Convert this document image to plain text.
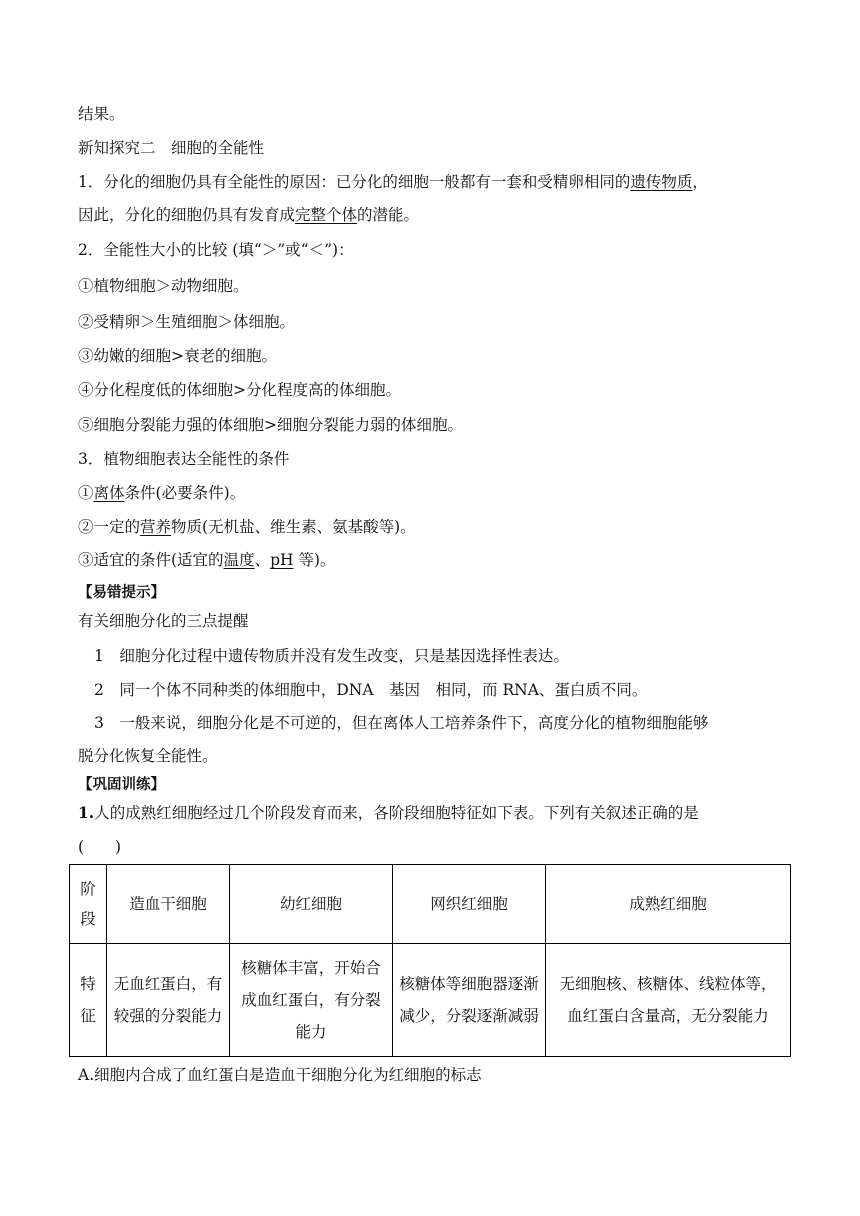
结果。
新知探究二　细胞的全能性
1．分化的细胞仍具有全能性的原因：已分化的细胞一般都有一套和受精卵相同的遗传物质，
因此，分化的细胞仍具有发育成完整个体的潜能。
2．全能性大小的比较 (填“＞”或“＜”)：
①植物细胞＞动物细胞。
②受精卵＞生殖细胞＞体细胞。
③幼嫩的细胞>衰老的细胞。
④分化程度低的体细胞>分化程度高的体细胞。
⑤细胞分裂能力强的体细胞>细胞分裂能力弱的体细胞。
3．植物细胞表达全能性的条件
①离体条件(必要条件)。
②一定的营养物质(无机盐、维生素、氨基酸等)。
③适宜的条件(适宜的温度、pH 等)。
【易错提示】
有关细胞分化的三点提醒
1　细胞分化过程中遗传物质并没有发生改变，只是基因选择性表达。
2　同一个体不同种类的体细胞中，DNA　基因　相同，而 RNA、蛋白质不同。
3　一般来说，细胞分化是不可逆的，但在离体人工培养条件下，高度分化的植物细胞能够
脱分化恢复全能性。
【巩固训练】
1.人的成熟红细胞经过几个阶段发育而来，各阶段细胞特征如下表。下列有关叙述正确的是
(　　)
阶
段	造血干细胞	幼红细胞	网织红细胞	成熟红细胞
特
征	无血红蛋白，有较强的分裂能力	核糖体丰富，开始合成血红蛋白，有分裂能力	核糖体等细胞器逐渐减少，分裂逐渐减弱	无细胞核、核糖体、线粒体等，血红蛋白含量高，无分裂能力
A.细胞内合成了血红蛋白是造血干细胞分化为红细胞的标志
